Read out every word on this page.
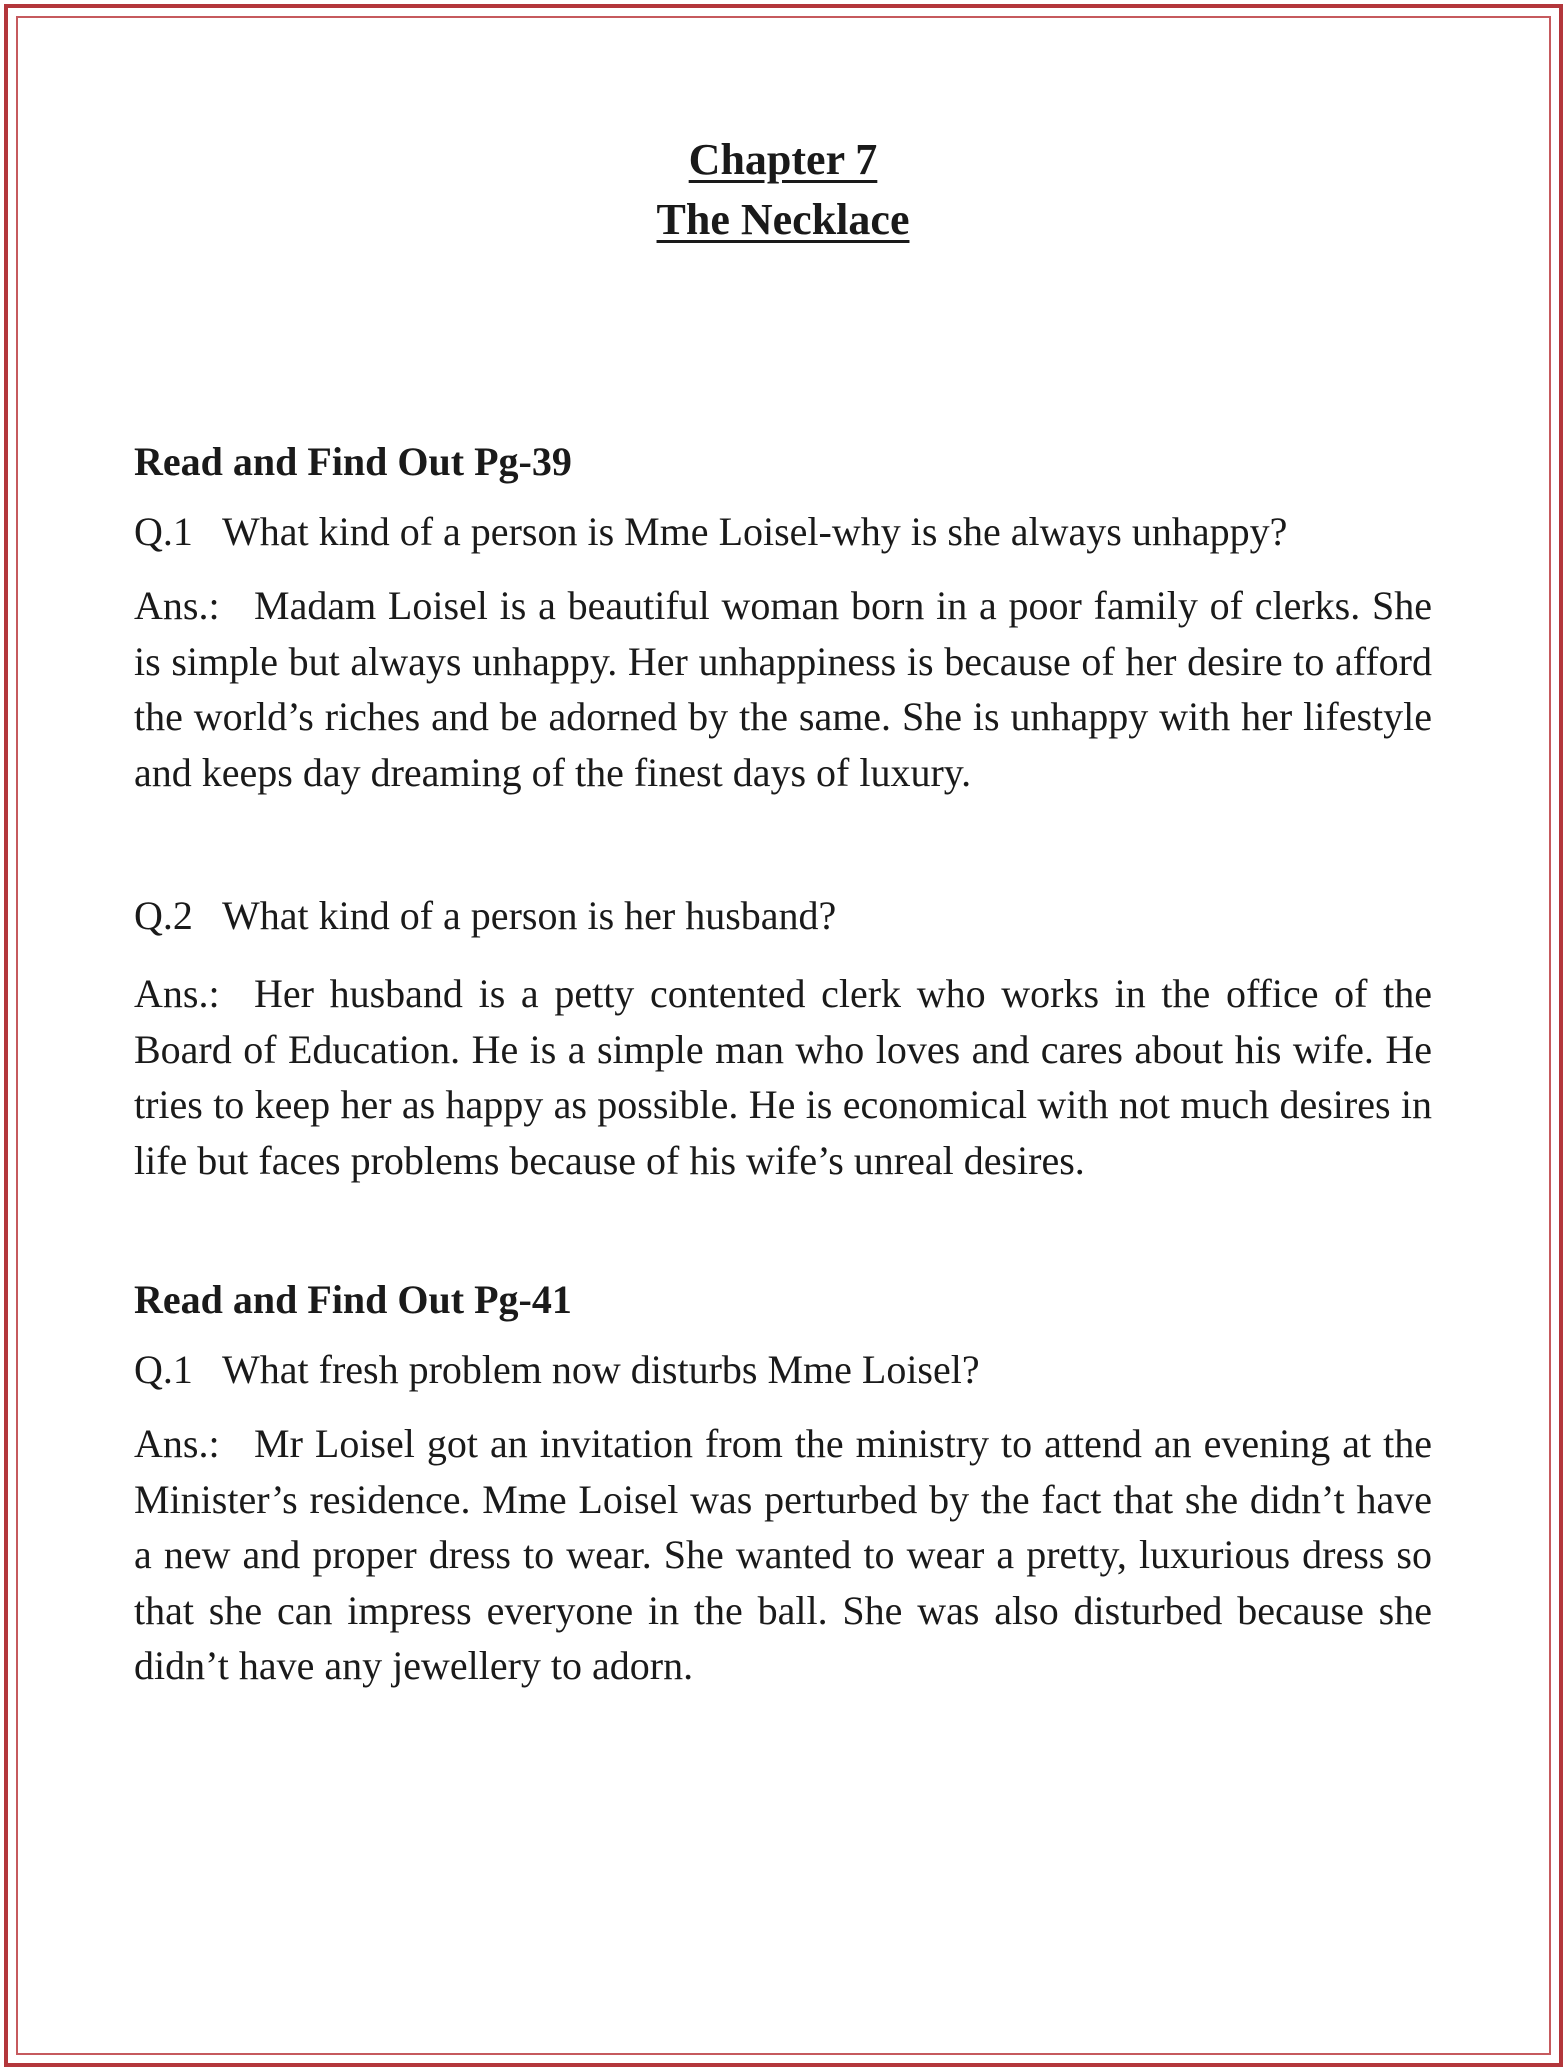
Chapter 7
The Necklace

Read and Find Out Pg-39

Q.1 What kind of a person is Mme Loisel-why is she always unhappy?

Ans.: Madam Loisel is a beautiful woman born in a poor family of clerks. She is simple but always unhappy. Her unhappiness is because of her desire to afford the world’s riches and be adorned by the same. She is unhappy with her lifestyle and keeps day dreaming of the finest days of luxury.

Q.2 What kind of a person is her husband?

Ans.: Her husband is a petty contented clerk who works in the office of the Board of Education. He is a simple man who loves and cares about his wife. He tries to keep her as happy as possible. He is economical with not much desires in life but faces problems because of his wife’s unreal desires.

Read and Find Out Pg-41

Q.1 What fresh problem now disturbs Mme Loisel?

Ans.: Mr Loisel got an invitation from the ministry to attend an evening at the Minister’s residence. Mme Loisel was perturbed by the fact that she didn’t have a new and proper dress to wear. She wanted to wear a pretty, luxurious dress so that she can impress everyone in the ball. She was also disturbed because she didn’t have any jewellery to adorn.
